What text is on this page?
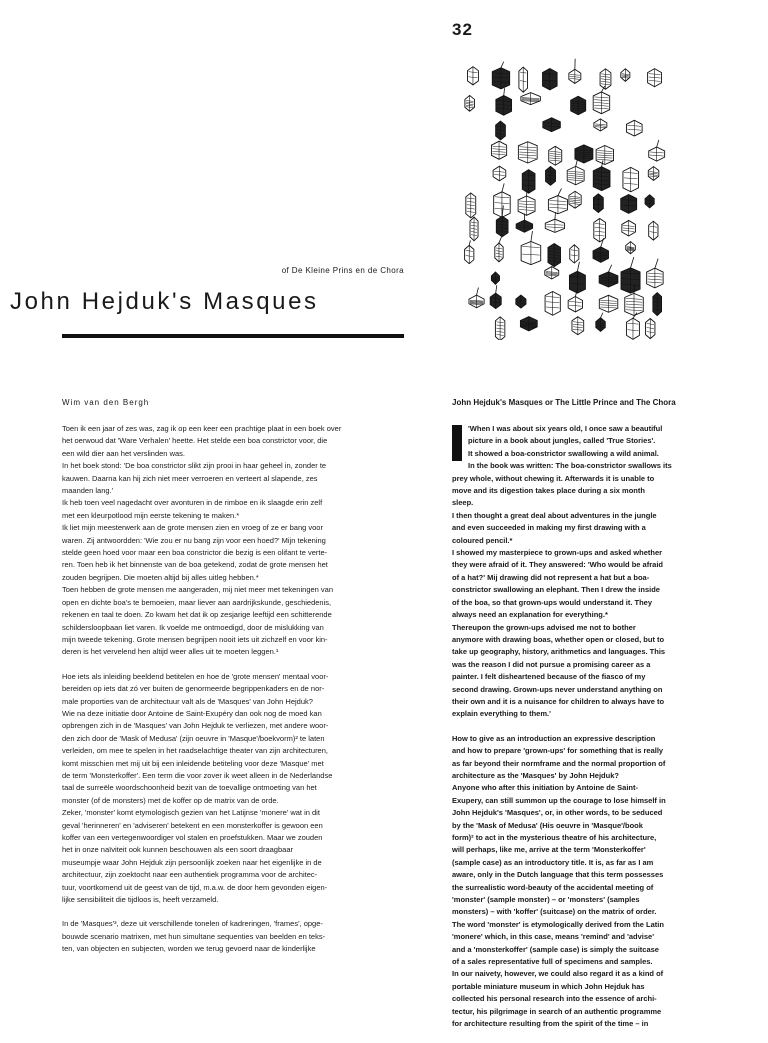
32
of De Kleine Prins en de Chora
John Hejduk's Masques
Wim van den Bergh

Toen ik een jaar of zes was, zag ik op een keer een prachtige plaat in een boek over
het oerwoud dat 'Ware Verhalen' heette. Het stelde een boa constrictor voor, die
een wild dier aan het verslinden was.
In het boek stond: 'De boa constrictor slikt zijn prooi in haar geheel in, zonder te
kauwen. Daarna kan hij zich niet meer verroeren en verteert al slapende, zes
maanden lang.'
Ik heb toen veel nagedacht over avonturen in de rimboe en ik slaagde erin zelf
met een kleurpotlood mijn eerste tekening te maken.*
Ik liet mijn meesterwerk aan de grote mensen zien en vroeg of ze er bang voor
waren. Zij antwoordden: 'Wie zou er nu bang zijn voor een hoed?' Mijn tekening
stelde geen hoed voor maar een boa constrictor die bezig is een olifant te verte-
ren. Toen heb ik het binnenste van de boa getekend, zodat de grote mensen het
zouden begrijpen. Die moeten altijd bij alles uitleg hebben.*
Toen hebben de grote mensen me aangeraden, mij niet meer met tekeningen van
open en dichte boa's te bemoeien, maar liever aan aardrijkskunde, geschiedenis,
rekenen en taal te doen. Zo kwam het dat ik op zesjarige leeftijd een schitterende
schildersloopbaan liet varen. Ik voelde me ontmoedigd, door de mislukking van
mijn tweede tekening. Grote mensen begrijpen nooit iets uit zichzelf en voor kin-
deren is het vervelend hen altijd weer alles uit te moeten leggen.¹

Hoe iets als inleiding beeldend betitelen en hoe de 'grote mensen' mentaal voor-
bereiden op iets dat zó ver buiten de genormeerde begrippenkaders en de nor-
male proporties van de architectuur valt als de 'Masques' van John Hejduk?
Wie na deze initiatie door Antoine de Saint-Exupéry dan ook nog de moed kan
opbrengen zich in de 'Masques' van John Hejduk te verliezen, met andere woor-
den zich door de 'Mask of Medusa' (zijn oeuvre in 'Masque'/boekvorm)² te laten
verleiden, om mee te spelen in het raadselachtige theater van zijn architecturen,
komt misschien met mij uit bij een inleidende betiteling voor deze 'Masque' met
de term 'Monsterkoffer'. Een term die voor zover ik weet alleen in de Nederlandse
taal de surreële woordschoonheid bezit van de toevallige ontmoeting van het
monster (of de monsters) met de koffer op de matrix van de orde.
Zeker, 'monster' komt etymologisch gezien van het Latijnse 'monere' wat in dit
geval 'herinneren' en 'adviseren' betekent en een monsterkoffer is gewoon een
koffer van een vertegenwoordiger vol stalen en proefstukken. Maar we zouden
het in onze naïviteit ook kunnen beschouwen als een soort draagbaar
museumpje waar John Hejduk zijn persoonlijk zoeken naar het eigenlijke in de
architectuur, zijn zoektocht naar een authentiek programma voor de architec-
tuur, voortkomend uit de geest van de tijd, m.a.w. de door hem gevonden eigen-
lijke sensibiliteit die tijdloos is, heeft verzameld.

In de 'Masques'³, deze uit verschillende tonelen of kadreringen, 'frames', opge-
bouwde scenario matrixen, met hun simultane sequenties van beelden en teks-
ten, van objecten en subjecten, worden we terug gevoerd naar de kinderlijke

John Hejduk's Masques or The Little Prince and The Chora

'When I was about six years old, I once saw a beautiful
picture in a book about jungles, called 'True Stories'.
It showed a boa-constrictor swallowing a wild animal.
In the book was written: The boa-constrictor swallows its
prey whole, without chewing it. Afterwards it is unable to
move and its digestion takes place during a six month
sleep.
I then thought a great deal about adventures in the jungle
and even succeeded in making my first drawing with a
coloured pencil.*
I showed my masterpiece to grown-ups and asked whether
they were afraid of it. They answered: 'Who would be afraid
of a hat?' Mij drawing did not represent a hat but a boa-
constrictor swallowing an elephant. Then I drew the inside
of the boa, so that grown-ups would understand it. They
always need an explanation for everything.*
Thereupon the grown-ups advised me not to bother
anymore with drawing boas, whether open or closed, but to
take up geography, history, arithmetics and languages. This
was the reason I did not pursue a promising career as a
painter. I felt disheartened because of the fiasco of my
second drawing. Grown-ups never understand anything on
their own and it is a nuisance for children to always have to
explain everything to them.'

How to give as an introduction an expressive description
and how to prepare 'grown-ups' for something that is really
as far beyond their normframe and the normal proportion of
architecture as the 'Masques' by John Hejduk?
Anyone who after this initiation by Antoine de Saint-
Exupery, can still summon up the courage to lose himself in
John Hejduk's 'Masques', or, in other words, to be seduced
by the 'Mask of Medusa' (His oeuvre in 'Masque'/book
form)² to act in the mysterious theatre of his architecture,
will perhaps, like me, arrive at the term 'Monsterkoffer'
(sample case) as an introductory title. It is, as far as I am
aware, only in the Dutch language that this term possesses
the surrealistic word-beauty of the accidental meeting of
'monster' (sample monster) – or 'monsters' (samples
monsters) – with 'koffer' (suitcase) on the matrix of order.
The word 'monster' is etymologically derived from the Latin
'monere' which, in this case, means 'remind' and 'advise'
and a 'monsterkoffer' (sample case) is simply the suitcase
of a sales representative full of specimens and samples.
In our naivety, however, we could also regard it as a kind of
portable miniature museum in which John Hejduk has
collected his personal research into the essence of archi-
tectur, his pilgrimage in search of an authentic programme
for architecture resulting from the spirit of the time – in
